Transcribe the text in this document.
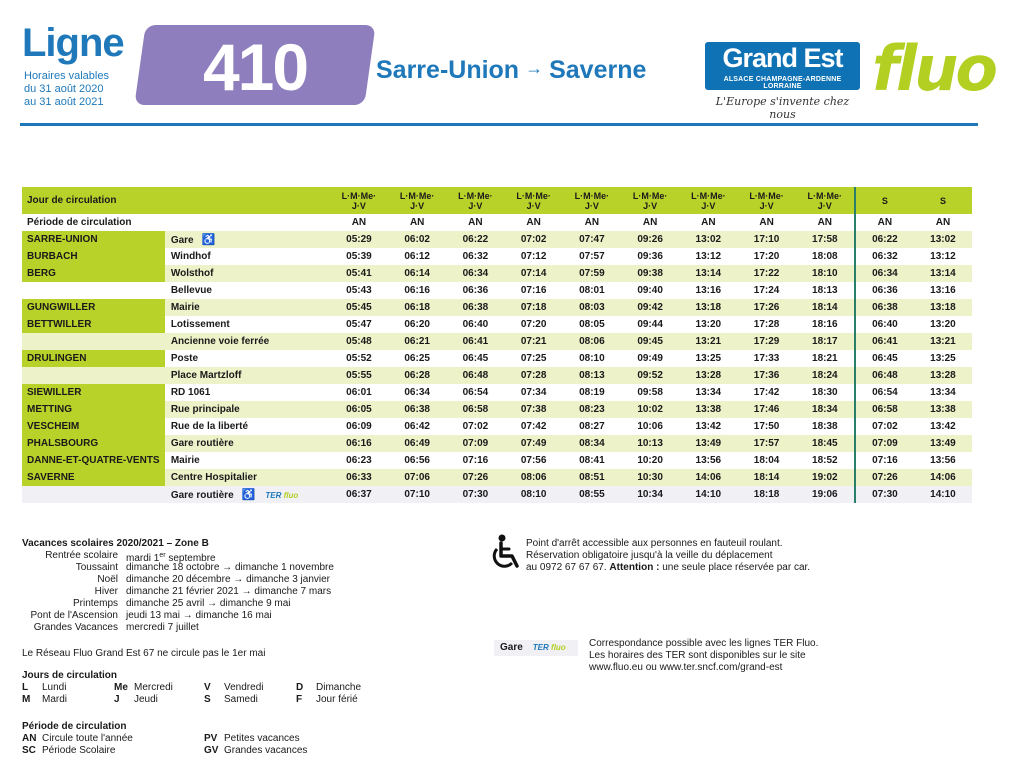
Ligne
Horaires valables
du 31 août 2020
au 31 août 2021	410	Sarre-Union → Saverne	Grand Est
ALSACE CHAMPAGNE-ARDENNE LORRAINE
L'Europe s'invente chez nous
fluo
Jour de circulation		L·M·Me·
J·V	L·M·Me·
J·V	L·M·Me·
J·V	L·M·Me·
J·V	L·M·Me·
J·V	L·M·Me·
J·V	L·M·Me·
J·V	L·M·Me·
J·V	L·M·Me·
J·V	S	S

Période de circulation		AN	AN	AN	AN	AN	AN	AN	AN	AN	AN	AN
SARRE-UNION	Gare ♿	05:29	06:02	06:22	07:02	07:47	09:26	13:02	17:10	17:58	06:22	13:02
BURBACH	Windhof	05:39	06:12	06:32	07:12	07:57	09:36	13:12	17:20	18:08	06:32	13:12
BERG	Wolsthof	05:41	06:14	06:34	07:14	07:59	09:38	13:14	17:22	18:10	06:34	13:14
	Bellevue	05:43	06:16	06:36	07:16	08:01	09:40	13:16	17:24	18:13	06:36	13:16
GUNGWILLER	Mairie	05:45	06:18	06:38	07:18	08:03	09:42	13:18	17:26	18:14	06:38	13:18
BETTWILLER	Lotissement	05:47	06:20	06:40	07:20	08:05	09:44	13:20	17:28	18:16	06:40	13:20
	Ancienne voie ferrée	05:48	06:21	06:41	07:21	08:06	09:45	13:21	17:29	18:17	06:41	13:21
DRULINGEN	Poste	05:52	06:25	06:45	07:25	08:10	09:49	13:25	17:33	18:21	06:45	13:25
	Place Martzloff	05:55	06:28	06:48	07:28	08:13	09:52	13:28	17:36	18:24	06:48	13:28
SIEWILLER	RD 1061	06:01	06:34	06:54	07:34	08:19	09:58	13:34	17:42	18:30	06:54	13:34
METTING	Rue principale	06:05	06:38	06:58	07:38	08:23	10:02	13:38	17:46	18:34	06:58	13:38
VESCHEIM	Rue de la liberté	06:09	06:42	07:02	07:42	08:27	10:06	13:42	17:50	18:38	07:02	13:42
PHALSBOURG	Gare routière	06:16	06:49	07:09	07:49	08:34	10:13	13:49	17:57	18:45	07:09	13:49
DANNE-ET-QUATRE-VENTS	Mairie	06:23	06:56	07:16	07:56	08:41	10:20	13:56	18:04	18:52	07:16	13:56
SAVERNE	Centre Hospitalier	06:33	07:06	07:26	08:06	08:51	10:30	14:06	18:14	19:02	07:26	14:06
	Gare routière ♿ TER fluo	06:37	07:10	07:30	08:10	08:55	10:34	14:10	18:18	19:06	07:30	14:10
Vacances scolaires 2020/2021 – Zone B
Rentrée scolaire mardi 1er septembre
Toussaint dimanche 18 octobre → dimanche 1 novembre
Noël dimanche 20 décembre → dimanche 3 janvier
Hiver dimanche 21 février 2021 → dimanche 7 mars
Printemps dimanche 25 avril → dimanche 9 mai
Pont de l'Ascension jeudi 13 mai → dimanche 16 mai
Grandes Vacances mercredi 7 juillet
Le Réseau Fluo Grand Est 67 ne circule pas le 1er mai
Jours de circulation
L Lundi	Me Mercredi	V Vendredi	D Dimanche
M Mardi	J Jeudi	S Samedi	F Jour férié
Période de circulation
AN Circule toute l'année	PV Petites vacances
SC Période Scolaire	GV Grandes vacances
Point d'arrêt accessible aux personnes en fauteuil roulant.
Réservation obligatoire jusqu'à la veille du déplacement
au 0972 67 67 67. Attention : une seule place réservée par car.
Gare TER fluo	Correspondance possible avec les lignes TER Fluo.
Les horaires des TER sont disponibles sur le site
www.fluo.eu ou www.ter.sncf.com/grand-est
